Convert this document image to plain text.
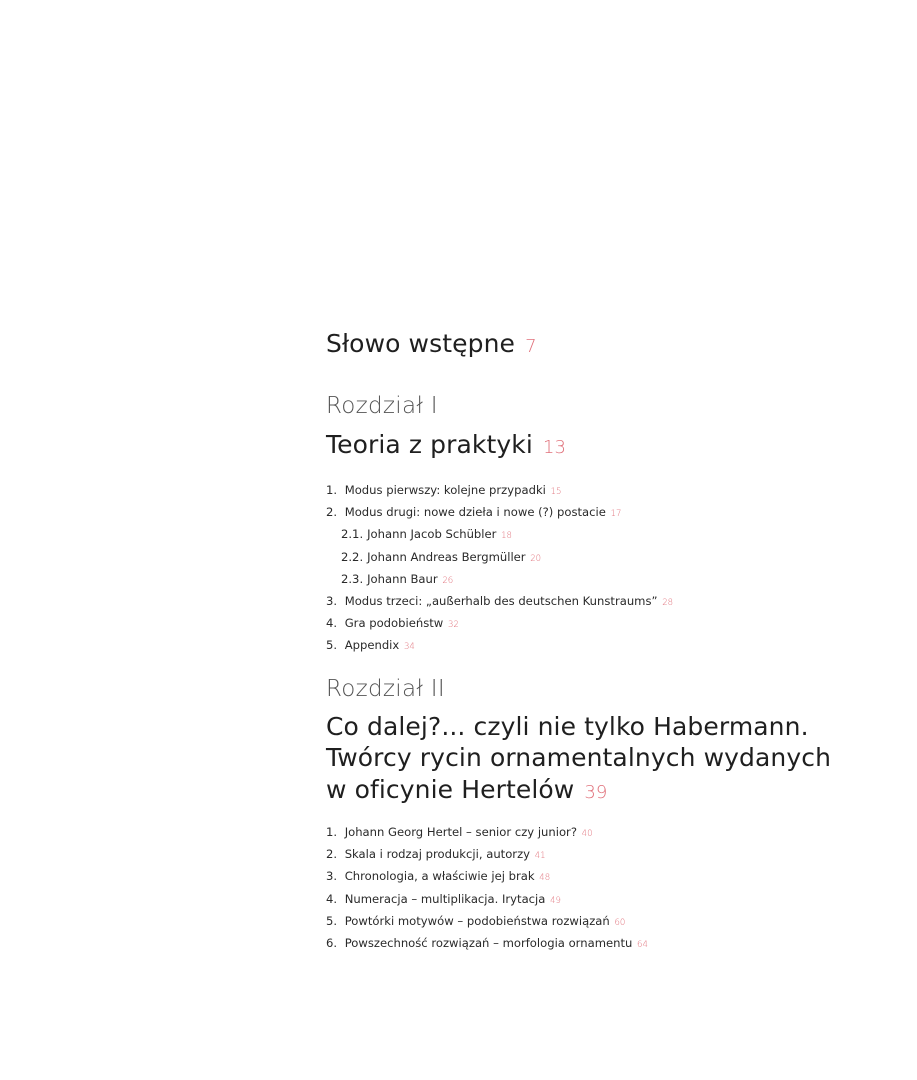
Słowo wstępne 7
Rozdział I
Teoria z praktyki 13
1. Modus pierwszy: kolejne przypadki 15
2. Modus drugi: nowe dzieła i nowe (?) postacie 17
2.1. Johann Jacob Schübler 18
2.2. Johann Andreas Bergmüller 20
2.3. Johann Baur 26
3. Modus trzeci: „außerhalb des deutschen Kunstraums” 28
4. Gra podobieństw 32
5. Appendix 34
Rozdział II
Co dalej?... czyli nie tylko Habermann.
Twórcy rycin ornamentalnych wydanych
w oficynie Hertelów 39
1. Johann Georg Hertel – senior czy junior? 40
2. Skala i rodzaj produkcji, autorzy 41
3. Chronologia, a właściwie jej brak 48
4. Numeracja – multiplikacja. Irytacja 49
5. Powtórki motywów – podobieństwa rozwiązań 60
6. Powszechność rozwiązań – morfologia ornamentu 64
